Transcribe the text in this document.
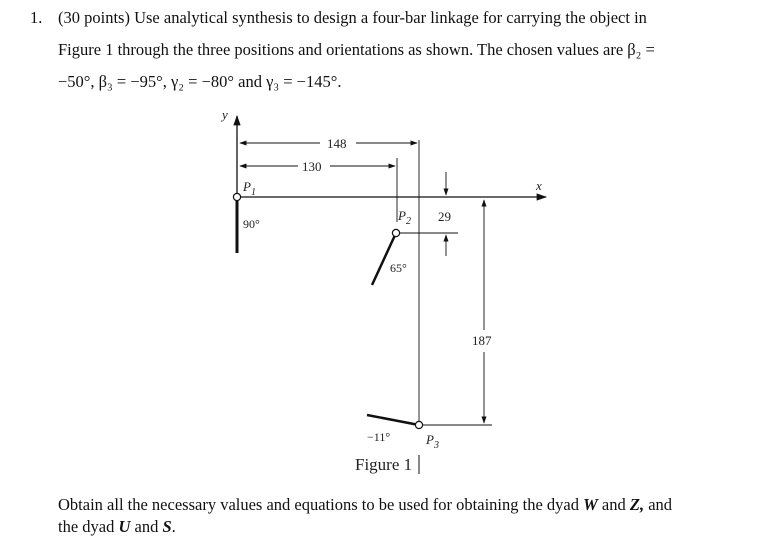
1. (30 points) Use analytical synthesis to design a four-bar linkage for carrying the object in
Figure 1 through the three positions and orientations as shown. The chosen values are β₂ =
−50°, β₃ = −95°, γ₂ = −80° and γ₃ = −145°.
x
y
148
130
29
187
$P_1$
90°
$P_2$
65°
$P_3$
−11°
Figure 1
Obtain all the necessary values and equations to be used for obtaining the dyad W and Z, and
the dyad U and S.
